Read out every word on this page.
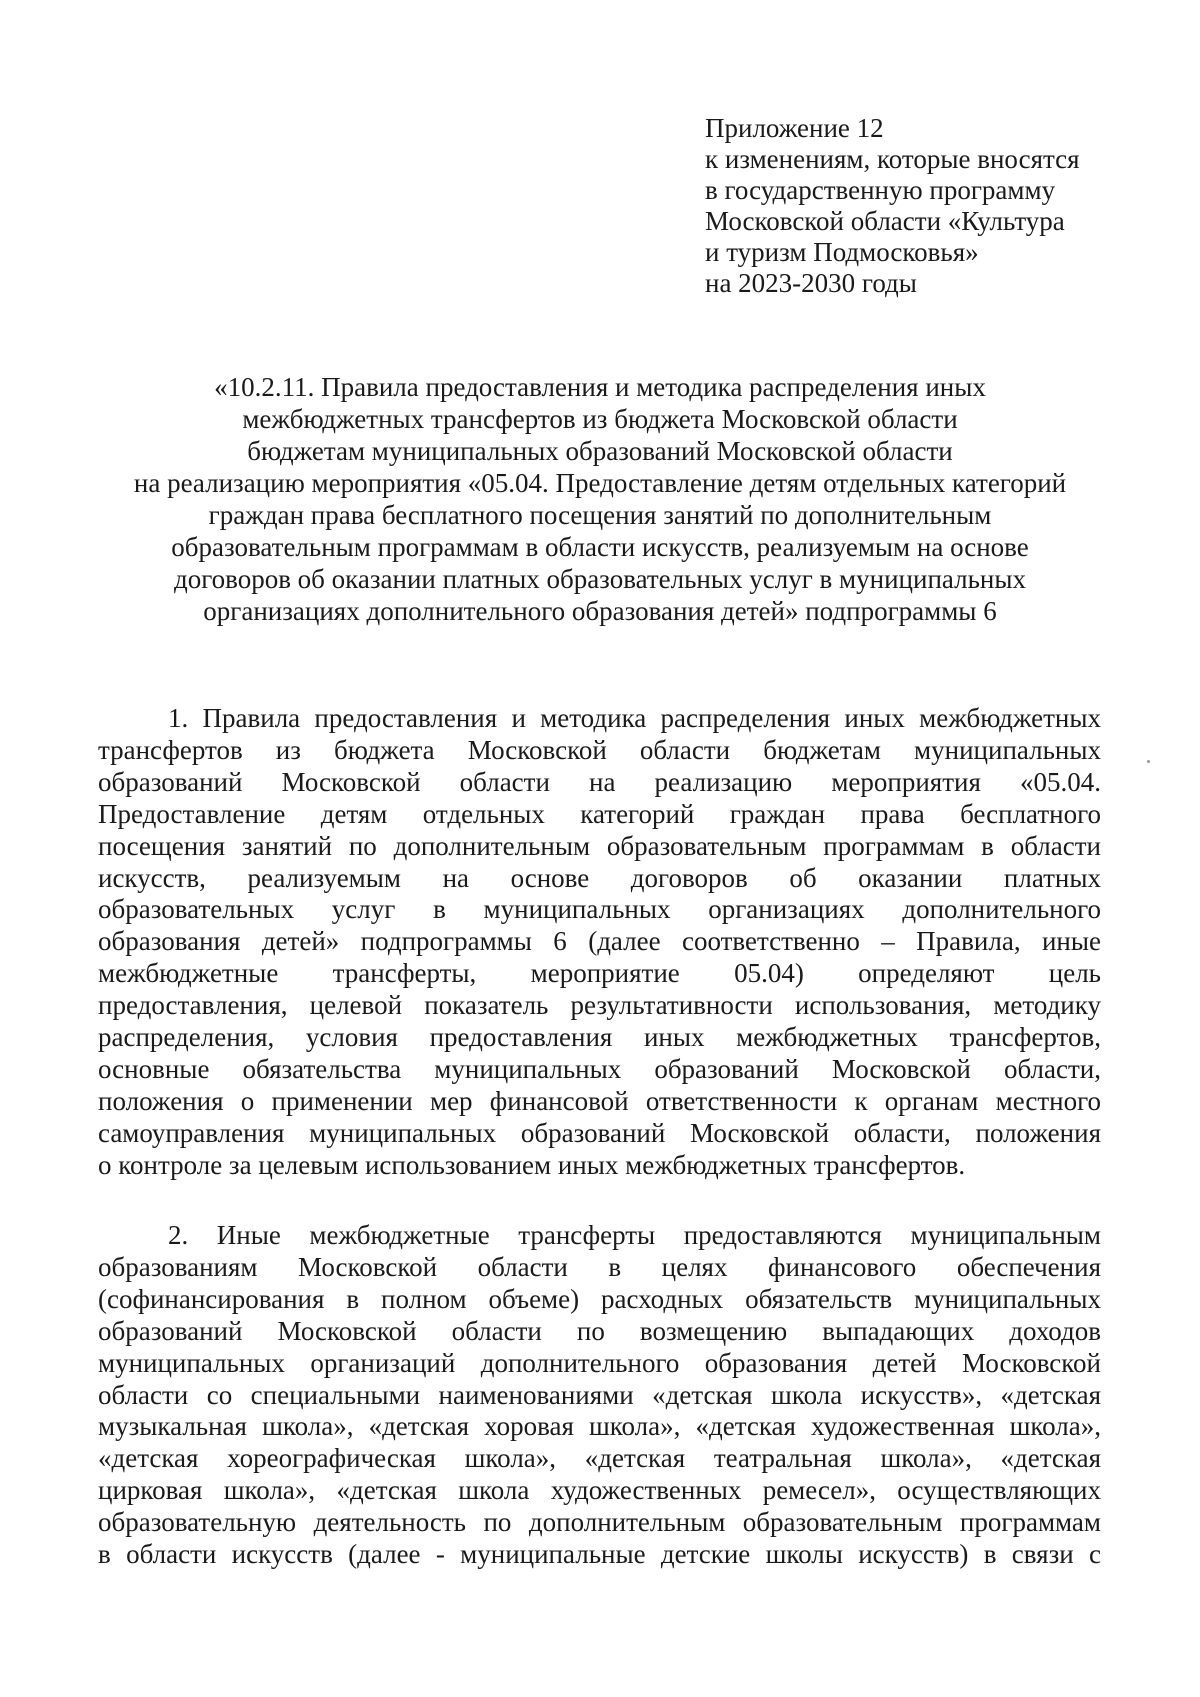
Приложение 12
к изменениям, которые вносятся
в государственную программу
Московской области «Культура
и туризм Подмосковья»
на 2023-2030 годы
«10.2.11. Правила предоставления и методика распределения иных
межбюджетных трансфертов из бюджета Московской области
бюджетам муниципальных образований Московской области
на реализацию мероприятия «05.04. Предоставление детям отдельных категорий
граждан права бесплатного посещения занятий по дополнительным
образовательным программам в области искусств, реализуемым на основе
договоров об оказании платных образовательных услуг в муниципальных
организациях дополнительного образования детей» подпрограммы 6
1. Правила предоставления и методика распределения иных межбюджетных
трансфертов из бюджета Московской области бюджетам муниципальных
образований Московской области на реализацию мероприятия «05.04.
Предоставление детям отдельных категорий граждан права бесплатного
посещения занятий по дополнительным образовательным программам в области
искусств, реализуемым на основе договоров об оказании платных
образовательных услуг в муниципальных организациях дополнительного
образования детей» подпрограммы 6 (далее соответственно – Правила, иные
межбюджетные трансферты, мероприятие 05.04) определяют цель
предоставления, целевой показатель результативности использования, методику
распределения, условия предоставления иных межбюджетных трансфертов,
основные обязательства муниципальных образований Московской области,
положения о применении мер финансовой ответственности к органам местного
самоуправления муниципальных образований Московской области, положения
о контроле за целевым использованием иных межбюджетных трансфертов.
2. Иные межбюджетные трансферты предоставляются муниципальным
образованиям Московской области в целях финансового обеспечения
(софинансирования в полном объеме) расходных обязательств муниципальных
образований Московской области по возмещению выпадающих доходов
муниципальных организаций дополнительного образования детей Московской
области со специальными наименованиями «детская школа искусств», «детская
музыкальная школа», «детская хоровая школа», «детская художественная школа»,
«детская хореографическая школа», «детская театральная школа», «детская
цирковая школа», «детская школа художественных ремесел», осуществляющих
образовательную деятельность по дополнительным образовательным программам
в области искусств (далее - муниципальные детские школы искусств) в связи с
